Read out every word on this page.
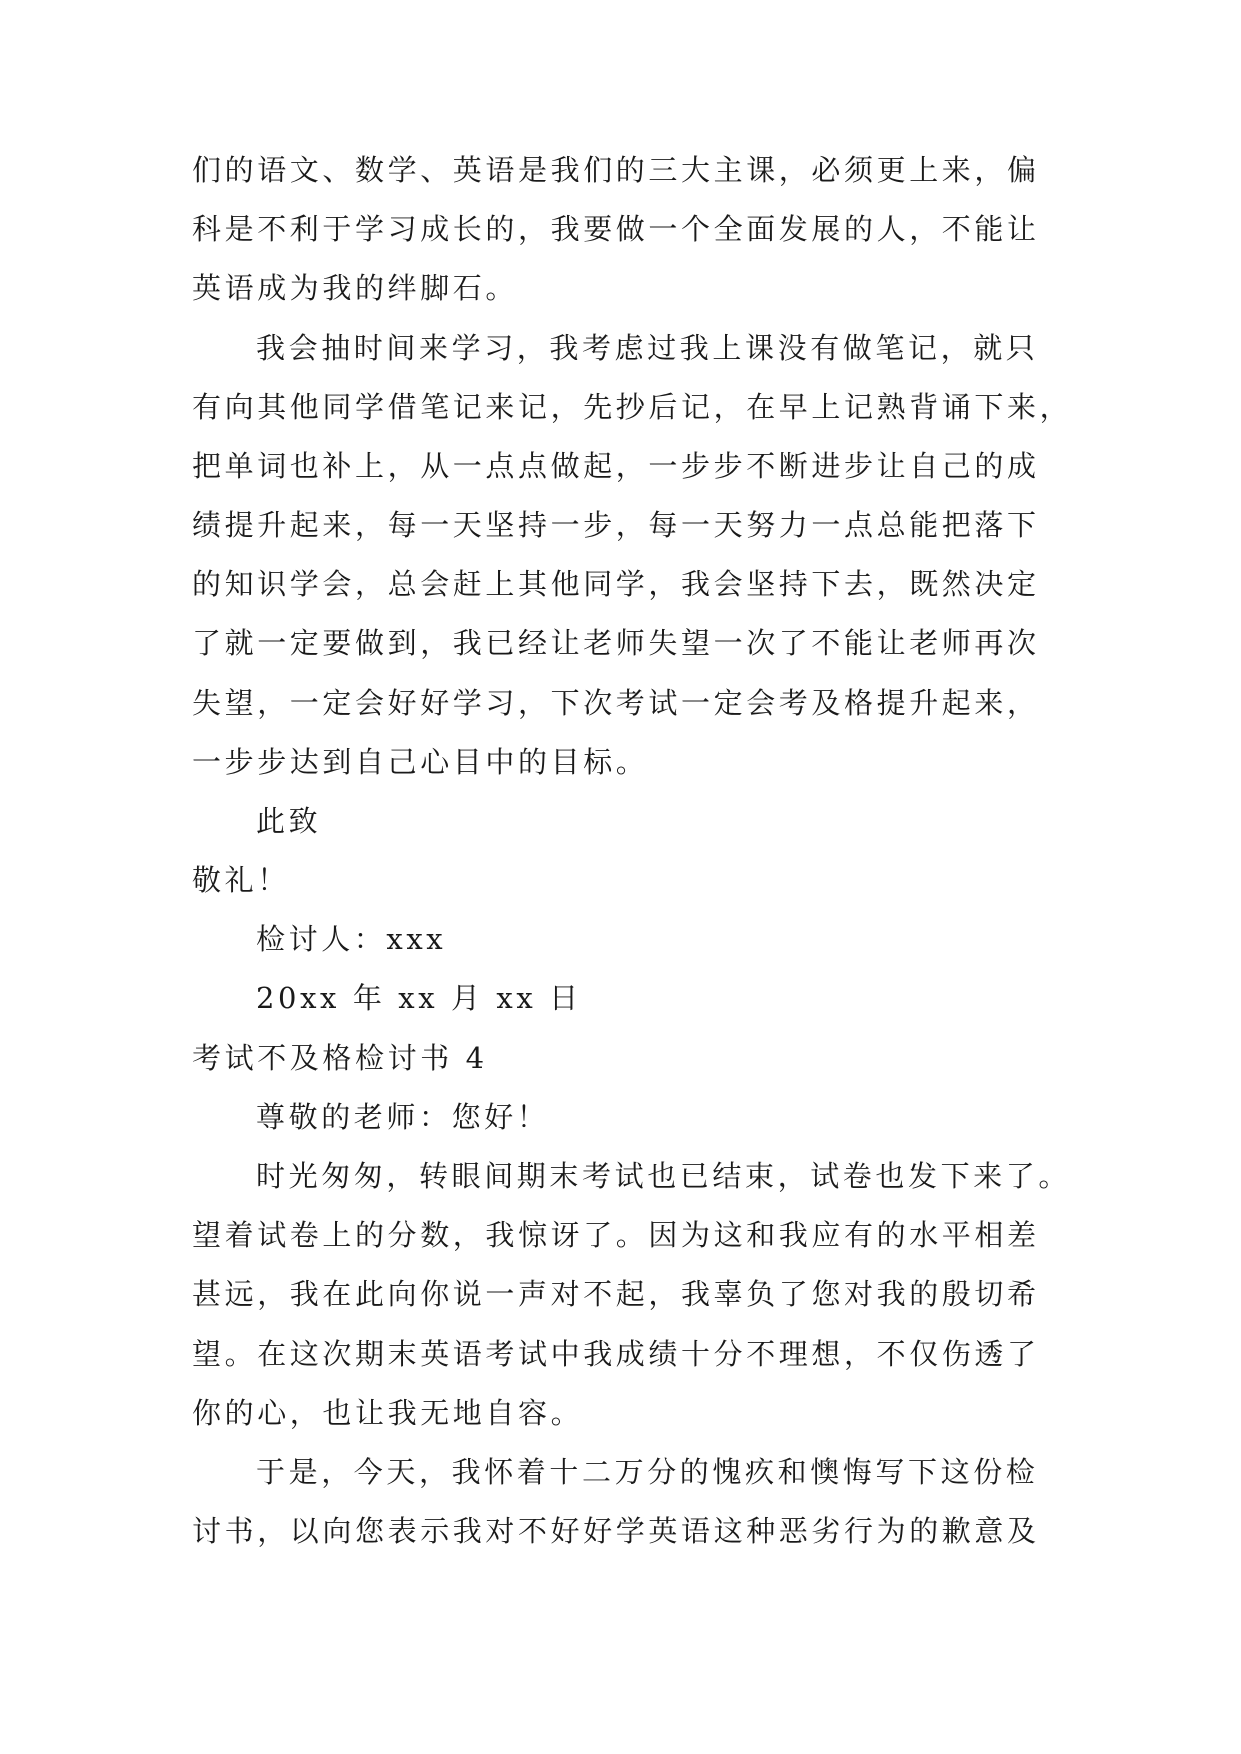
们的语文、数学、英语是我们的三大主课，必须更上来，偏
科是不利于学习成长的，我要做一个全面发展的人，不能让
英语成为我的绊脚石。
我会抽时间来学习，我考虑过我上课没有做笔记，就只
有向其他同学借笔记来记，先抄后记，在早上记熟背诵下来，
把单词也补上，从一点点做起，一步步不断进步让自己的成
绩提升起来，每一天坚持一步，每一天努力一点总能把落下
的知识学会，总会赶上其他同学，我会坚持下去，既然决定
了就一定要做到，我已经让老师失望一次了不能让老师再次
失望，一定会好好学习，下次考试一定会考及格提升起来，
一步步达到自己心目中的目标。
此致
敬礼！
检讨人：xxx
20xx 年 xx 月 xx 日
考试不及格检讨书 4
尊敬的老师：您好！
时光匆匆，转眼间期末考试也已结束，试卷也发下来了。
望着试卷上的分数，我惊讶了。因为这和我应有的水平相差
甚远，我在此向你说一声对不起，我辜负了您对我的殷切希
望。在这次期末英语考试中我成绩十分不理想，不仅伤透了
你的心，也让我无地自容。
于是，今天，我怀着十二万分的愧疚和懊悔写下这份检
讨书，以向您表示我对不好好学英语这种恶劣行为的歉意及
